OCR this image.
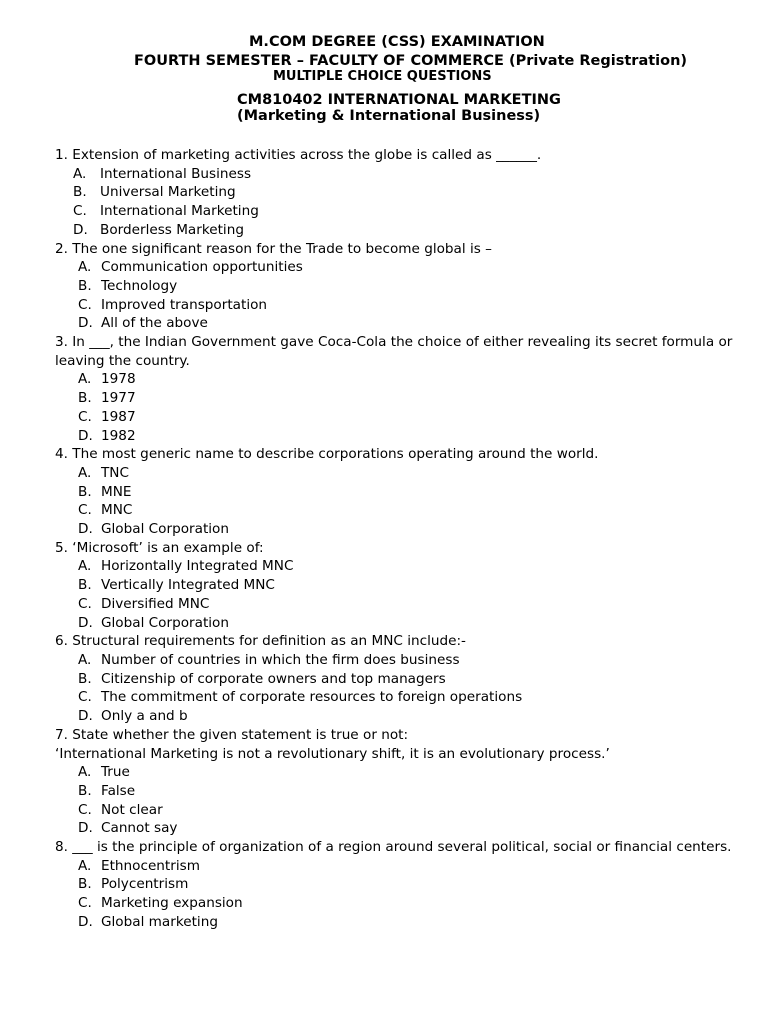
M.COM DEGREE (CSS) EXAMINATION
FOURTH SEMESTER – FACULTY OF COMMERCE (Private Registration)
MULTIPLE CHOICE QUESTIONS
CM810402 INTERNATIONAL MARKETING
(Marketing & International Business)

1. Extension of marketing activities across the globe is called as ______.

A.	International Business
B. Universal Marketing
C. International Marketing
D. Borderless Marketing

2. The one significant reason for the Trade to become global is –

A. Communication opportunities
B. Technology
C. Improved transportation
D. All of the above

3. In ___, the Indian Government gave Coca-Cola the choice of either revealing its secret formula or leaving the country.

A. 1978
B. 1977
C. 1987
D. 1982

4. The most generic name to describe corporations operating around the world.

A. TNC
B. MNE
C. MNC
D. Global Corporation

5. ‘Microsoft’ is an example of:

A. Horizontally Integrated MNC
B. Vertically Integrated MNC
C. Diversified MNC
D. Global Corporation

6. Structural requirements for definition as an MNC include:-

A. Number of countries in which the firm does business
B. Citizenship of corporate owners and top managers
C. The commitment of corporate resources to foreign operations
D. Only a and b

7. State whether the given statement is true or not:

‘International Marketing is not a revolutionary shift, it is an evolutionary process.’

A. True
B. False
C. Not clear
D. Cannot say

8. ___ is the principle of organization of a region around several political, social or financial centers.

A. Ethnocentrism
B. Polycentrism
C. Marketing expansion
D. Global marketing
